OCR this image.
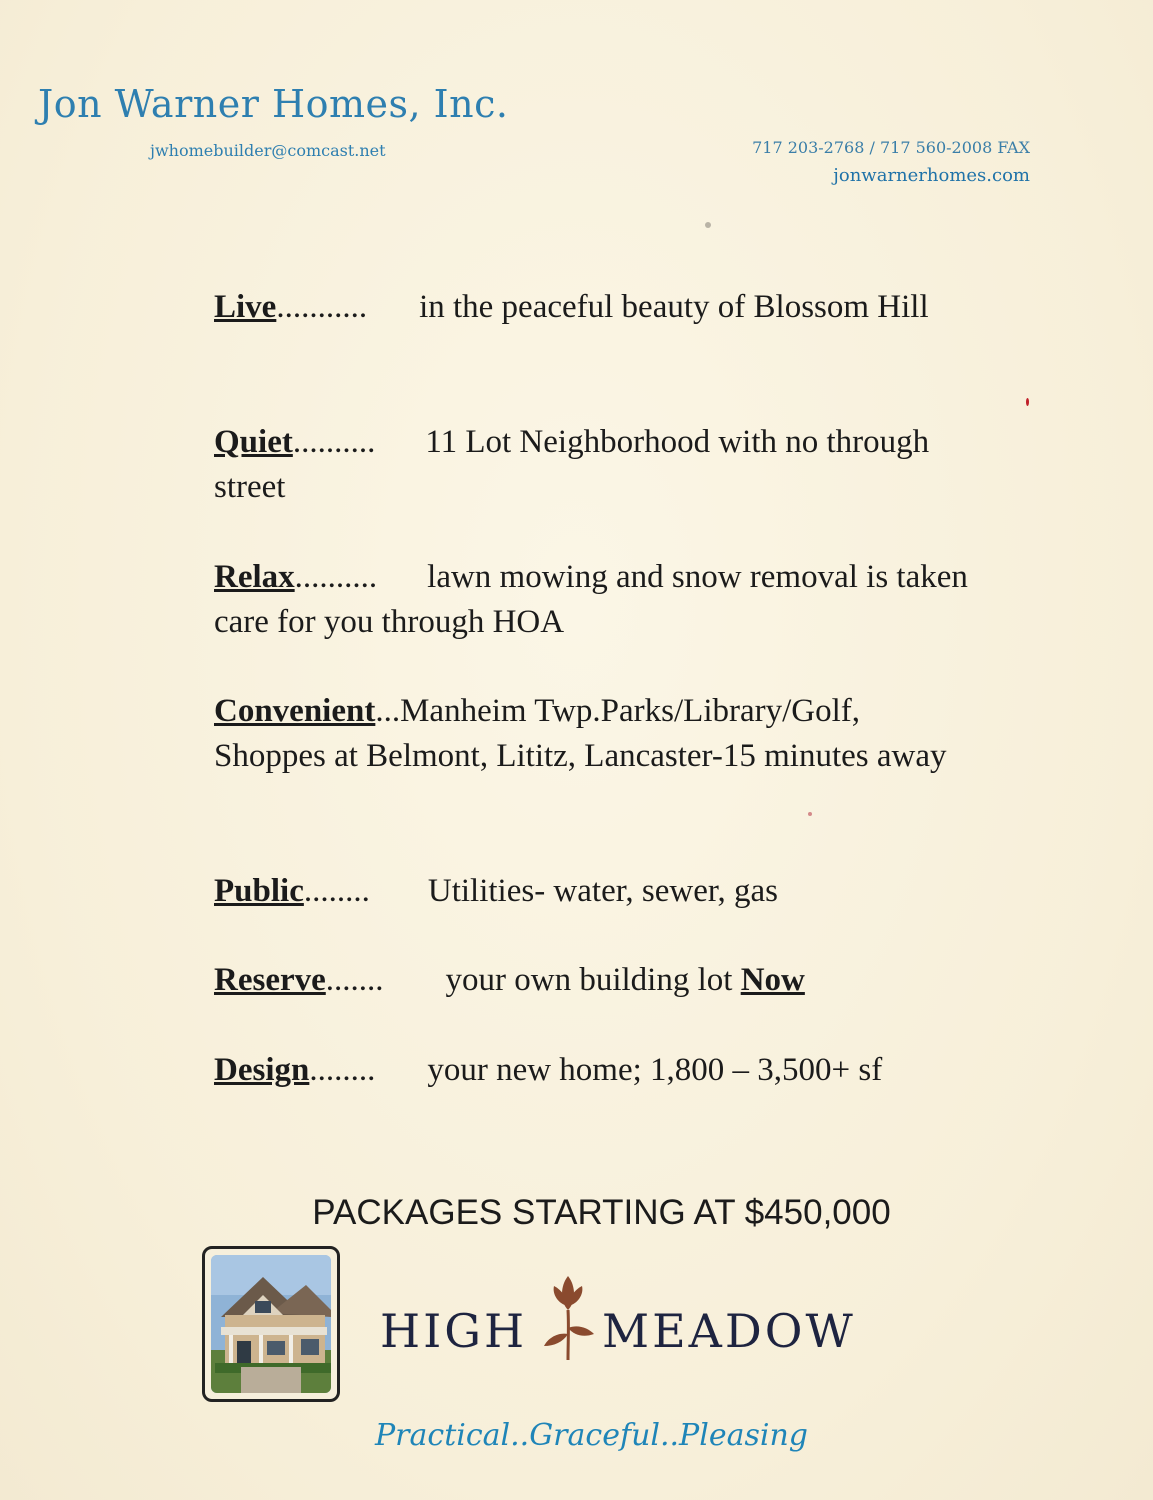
Jon Warner Homes, Inc.
jwhomebuilder@comcast.net	717 203-2768 / 717 560-2008 FAX
jonwarnerhomes.com
Live........... in the peaceful beauty of Blossom Hill
Quiet.......... 11 Lot Neighborhood with no through street
Relax.......... lawn mowing and snow removal is taken care for you through HOA
Convenient...Manheim Twp.Parks/Library/Golf, Shoppes at Belmont, Lititz, Lancaster-15 minutes away
Public........ Utilities- water, sewer, gas
Reserve....... your own building lot Now
Design........ your new home; 1,800 – 3,500+ sf
PACKAGES STARTING AT $450,000
HIGH MEADOW
Practical..Graceful..Pleasing
